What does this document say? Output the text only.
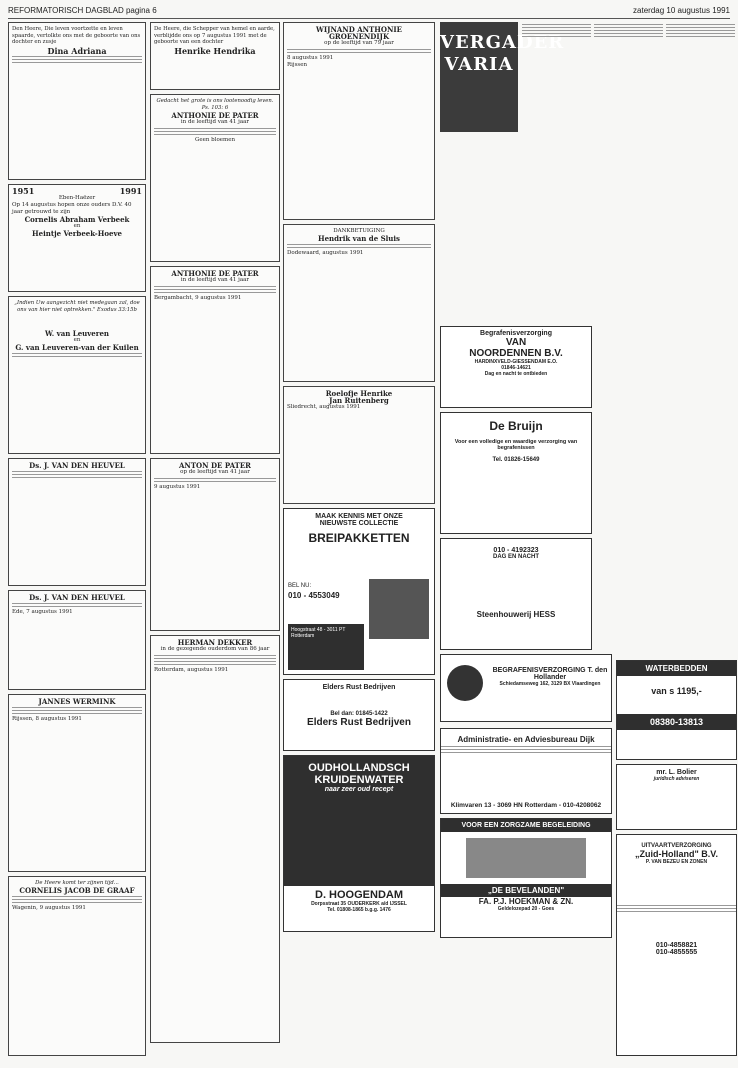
REFORMATORISCH DAGBLAD pagina 6	zaterdag 10 augustus 1991
Den Heere, Die leven voortzette en leven spaarde, vertolkte ons met de geboorte van ons dochter en zusje
Dina Adriana
1951	1991
Eben-Haëzer
Op 14 augustus hopen onze ouders D.V. 40 jaar getrouwd te zijn
Cornelis Abraham Verbeek
en
Heintje Verbeek-Hoeve
„Indien Uw aangezicht niet medegaan zal, doe ons van hier niet optrekken." Exodus 33:15b
W. van Leuveren
en
G. van Leuveren-van der Kuilen
Ds. J. VAN DEN HEUVEL
Ds. J. VAN DEN HEUVEL
Ede, 7 augustus 1991
JANNES WERMINK
Rijssen, 8 augustus 1991
De Heere komt ter zijnen tijd...
CORNELIS JACOB DE GRAAF
Wagenin, 9 augustus 1991
De Heere, die Schepper van hemel en aarde, verblijdde ons op 7 augustus 1991 met de geboorte van een dochter
Henrike Hendrika
Gedacht het grote is ons lootenoodig leven. Ps. 103: 6
ANTHONIE DE PATER
in de leeftijd van 41 jaar
Geen bloemen
ANTHONIE DE PATER
in de leeftijd van 41 jaar
Bergambacht, 9 augustus 1991
ANTON DE PATER
op de leeftijd van 41 jaar
9 augustus 1991
HERMAN DEKKER
in de gezegende ouderdom van 86 jaar
Rotterdam, augustus 1991
WIJNAND ANTHONIE GROENENDIJK
op de leeftijd van 79 jaar
8 augustus 1991
Rijssen
DANKBETUIGING
Hendrik van de Sluis
Dodewaard, augustus 1991
Roelofje Henrike
Jan Ruitenberg
Sliedrecht, augustus 1991
MAAK KENNIS MET ONZE
NIEUWSTE COLLECTIE
BREIPAKKETTEN
BEL NU:
010 - 4553049
Hoogstraat 48 - 3011 PT Rotterdam
Elders Rust Bedrijven
Bel dan: 01845-1422
Elders Rust Bedrijven
OUDHOLLANDSCH KRUIDENWATER
naar zeer oud recept
D. HOOGENDAM
Dorpsstraat 35 OUDERKERK a/d IJSSEL
Tel. 01808-1865 b.g.g. 1476
VERGADER VARIA
Begrafenisverzorging
VAN
NOORDENNEN B.V.
HARDINXVELD-GIESSENDAM E.O.
01846-14621
Dag en nacht te ontbieden
De Bruijn
Voor een volledige en waardige verzorging van begrafenissen
Tel. 01826-15649
010 - 4192323
DAG EN NACHT
Steenhouwerij HESS
BEGRAFENISVERZORGING T. den Hollander
Schiedamseweg 162, 3129 BX Vlaardingen
Administratie- en Adviesbureau Dijk
Klimvaren 13 - 3069 HN Rotterdam - 010-4208062
VOOR EEN ZORGZAME BEGELEIDING
„DE BEVELANDEN"
FA. P.J. HOEKMAN & ZN.
Geldelozepad 20 - Goes
WATERBEDDEN
van s 1195,-
08380-13813
mr. L. Bolier
juridisch adviseren
UITVAARTVERZORGING
„Zuid-Holland" B.V.
P. VAN BEZEU EN ZONEN
010-4858821
010-4855555
